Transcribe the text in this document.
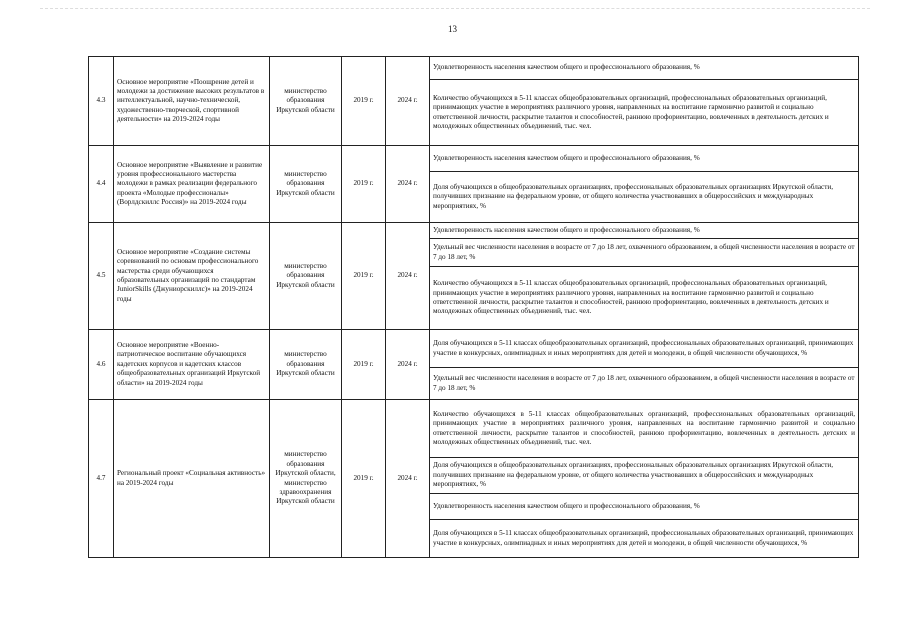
13
4.3	Основное мероприятие «Поощрение детей и молодежи за достижение высоких результатов в интеллектуальной, научно-технической, художественно-творческой, спортивной деятельности» на 2019-2024 годы	министерство образования Иркутской области	2019 г.	2024 г.	Удовлетворенность населения качеством общего и профессионального образования, %
					Количество обучающихся в 5-11 классах общеобразовательных организаций, профессиональных образовательных организаций, принимающих участие в мероприятиях различного уровня, направленных на воспитание гармонично развитой и социально ответственной личности, раскрытие талантов и способностей, раннюю профориентацию, вовлеченных в деятельность детских и молодежных общественных объединений, тыс. чел.
4.4	Основное мероприятие «Выявление и развитие уровня профессионального мастерства молодежи в рамках реализации федерального проекта «Молодые профессионалы» (Ворлдскиллс Россия)» на 2019-2024 годы	министерство образования Иркутской области	2019 г.	2024 г.	Удовлетворенность населения качеством общего и профессионального образования, %
					Доля обучающихся в общеобразовательных организациях, профессиональных образовательных организациях Иркутской области, получивших признание на федеральном уровне, от общего количества участвовавших в общероссийских и международных мероприятиях, %
4.5	Основное мероприятие «Создание системы соревнований по основам профессионального мастерства среди обучающихся образовательных организаций по стандартам JuniorSkills (Джуниорскиллс)» на 2019-2024 годы	министерство образования Иркутской области	2019 г.	2024 г.	Удовлетворенность населения качеством общего и профессионального образования, %
					Удельный вес численности населения в возрасте от 7 до 18 лет, охваченного образованием, в общей численности населения в возрасте от 7 до 18 лет, %
					Количество обучающихся в 5-11 классах общеобразовательных организаций, профессиональных образовательных организаций, принимающих участие в мероприятиях различного уровня, направленных на воспитание гармонично развитой и социально ответственной личности, раскрытие талантов и способностей, раннюю профориентацию, вовлеченных в деятельность детских и молодежных общественных объединений, тыс. чел.
4.6	Основное мероприятие «Военно-патриотическое воспитание обучающихся кадетских корпусов и кадетских классов общеобразовательных организаций Иркутской области» на 2019-2024 годы	министерство образования Иркутской области	2019 г.	2024 г.	Доля обучающихся в 5-11 классах общеобразовательных организаций, профессиональных образовательных организаций, принимающих участие в конкурсных, олимпиадных и иных мероприятиях для детей и молодежи, в общей численности обучающихся, %
					Удельный вес численности населения в возрасте от 7 до 18 лет, охваченного образованием, в общей численности населения в возрасте от 7 до 18 лет, %
4.7	Региональный проект «Социальная активность» на 2019-2024 годы	министерство образования Иркутской области, министерство здравоохранения Иркутской области	2019 г.	2024 г.	Количество обучающихся в 5-11 классах общеобразовательных организаций, профессиональных образовательных организаций, принимающих участие в мероприятиях различного уровня, направленных на воспитание гармонично развитой и социально ответственной личности, раскрытие талантов и способностей, раннюю профориентацию, вовлеченных в деятельность детских и молодежных общественных объединений, тыс. чел.
					Доля обучающихся в общеобразовательных организациях, профессиональных образовательных организациях Иркутской области, получивших признание на федеральном уровне, от общего количества участвовавших в общероссийских и международных мероприятиях, %
					Удовлетворенность населения качеством общего и профессионального образования, %
					Доля обучающихся в 5-11 классах общеобразовательных организаций, профессиональных образовательных организаций, принимающих участие в конкурсных, олимпиадных и иных мероприятиях для детей и молодежи, в общей численности обучающихся, %
